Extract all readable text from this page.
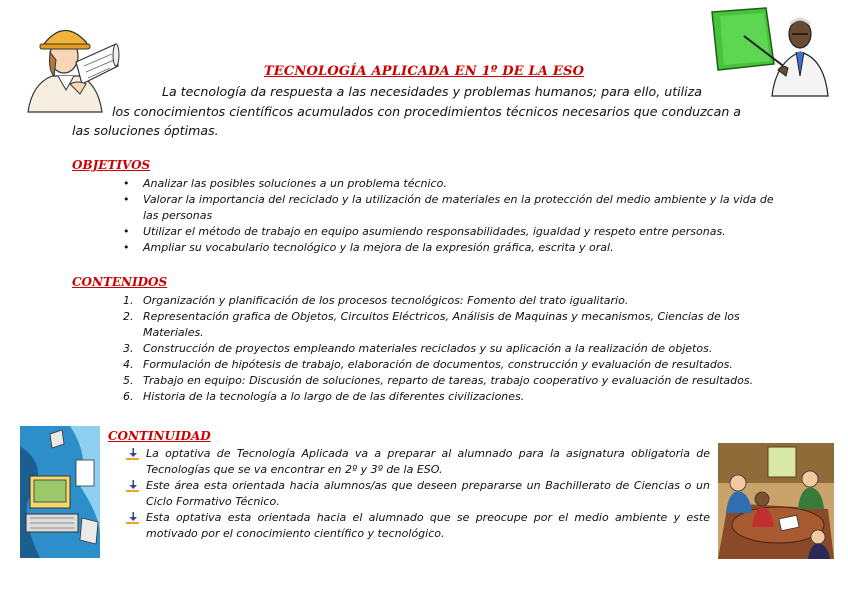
TECNOLOGÍA APLICADA EN 1º DE LA ESO
La tecnología da respuesta a las necesidades y problemas humanos; para ello, utiliza
los conocimientos científicos acumulados con procedimientos técnicos necesarios que conduzcan a
las soluciones óptimas.
OBJETIVOS
• Analizar las posibles soluciones a un problema técnico.
• Valorar la importancia del reciclado y la utilización de materiales en la protección del medio ambiente y la vida de las personas
• Utilizar el método de trabajo en equipo asumiendo responsabilidades, igualdad y respeto entre personas.
• Ampliar su vocabulario tecnológico y la mejora de la expresión gráfica, escrita y oral.
CONTENIDOS
1. Organización y planificación de los procesos tecnológicos: Fomento del trato igualitario.
2. Representación grafica de Objetos, Circuitos Eléctricos, Análisis de Maquinas y mecanismos, Ciencias de los Materiales.
3. Construcción de proyectos empleando materiales reciclados y su aplicación a la realización de objetos.
4. Formulación de hipótesis de trabajo, elaboración de documentos, construcción y evaluación de resultados.
5. Trabajo en equipo: Discusión de soluciones, reparto de tareas, trabajo cooperativo y evaluación de resultados.
6. Historia de la tecnología a lo largo de de las diferentes civilizaciones.
CONTINUIDAD
La optativa de Tecnología Aplicada va a preparar al alumnado para la asignatura obligatoria de Tecnologías que se va encontrar en 2º y 3º de la ESO.
Este área esta orientada hacia alumnos/as que deseen prepararse un Bachillerato de Ciencias o un Ciclo Formativo Técnico.
Esta optativa esta orientada hacia el alumnado que se preocupe por el medio ambiente y este motivado por el conocimiento científico y tecnológico.
